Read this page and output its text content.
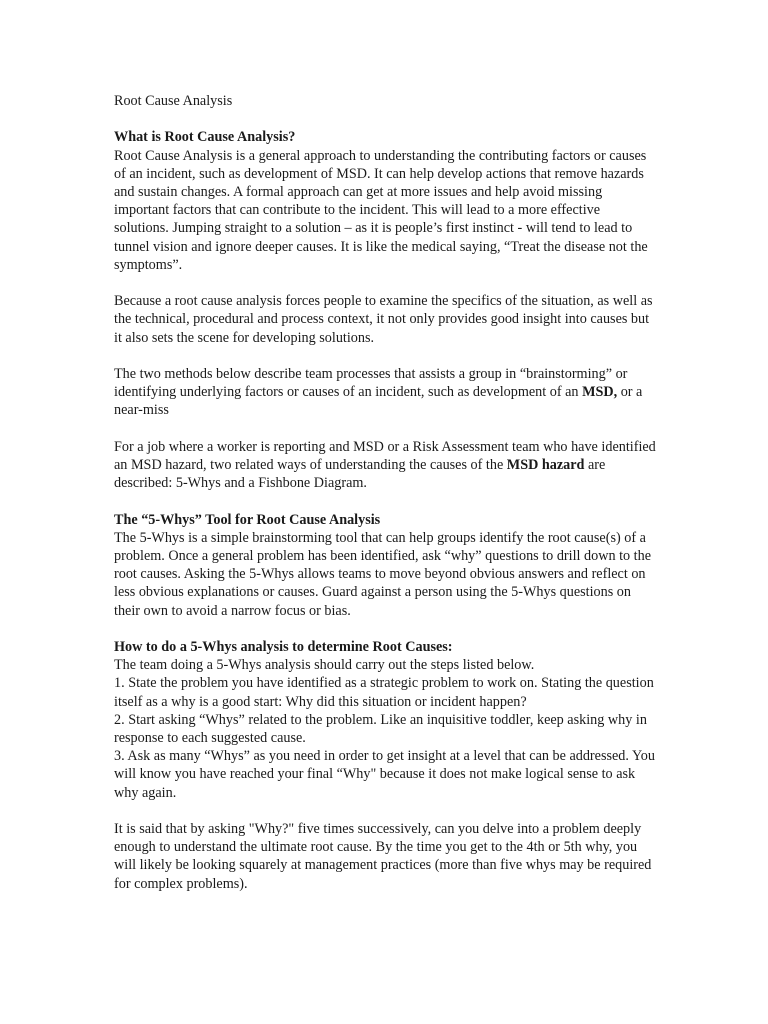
Root Cause Analysis

What is Root Cause Analysis?

Root Cause Analysis is a general approach to understanding the contributing factors or causes of an incident, such as development of MSD. It can help develop actions that remove hazards and sustain changes. A formal approach can get at more issues and help avoid missing important factors that can contribute to the incident. This will lead to a more effective solutions. Jumping straight to a solution – as it is people’s first instinct - will tend to lead to tunnel vision and ignore deeper causes. It is like the medical saying, “Treat the disease not the symptoms”.

Because a root cause analysis forces people to examine the specifics of the situation, as well as the technical, procedural and process context, it not only provides good insight into causes but it also sets the scene for developing solutions.

The two methods below describe team processes that assists a group in “brainstorming” or identifying underlying factors or causes of an incident, such as development of an MSD, or a near-miss

For a job where a worker is reporting and MSD or a Risk Assessment team who have identified an MSD hazard, two related ways of understanding the causes of the MSD hazard are described: 5-Whys and a Fishbone Diagram.

The “5-Whys” Tool for Root Cause Analysis

The 5-Whys is a simple brainstorming tool that can help groups identify the root cause(s) of a problem. Once a general problem has been identified, ask “why” questions to drill down to the root causes. Asking the 5-Whys allows teams to move beyond obvious answers and reflect on less obvious explanations or causes. Guard against a person using the 5-Whys questions on their own to avoid a narrow focus or bias.

How to do a 5-Whys analysis to determine Root Causes:

The team doing a 5-Whys analysis should carry out the steps listed below.

1. State the problem you have identified as a strategic problem to work on. Stating the question itself as a why is a good start: Why did this situation or incident happen?

2. Start asking “Whys” related to the problem. Like an inquisitive toddler, keep asking why in response to each suggested cause.

3. Ask as many “Whys” as you need in order to get insight at a level that can be addressed. You will know you have reached your final “Why" because it does not make logical sense to ask why again.

It is said that by asking "Why?" five times successively, can you delve into a problem deeply enough to understand the ultimate root cause. By the time you get to the 4th or 5th why, you will likely be looking squarely at management practices (more than five whys may be required for complex problems).
